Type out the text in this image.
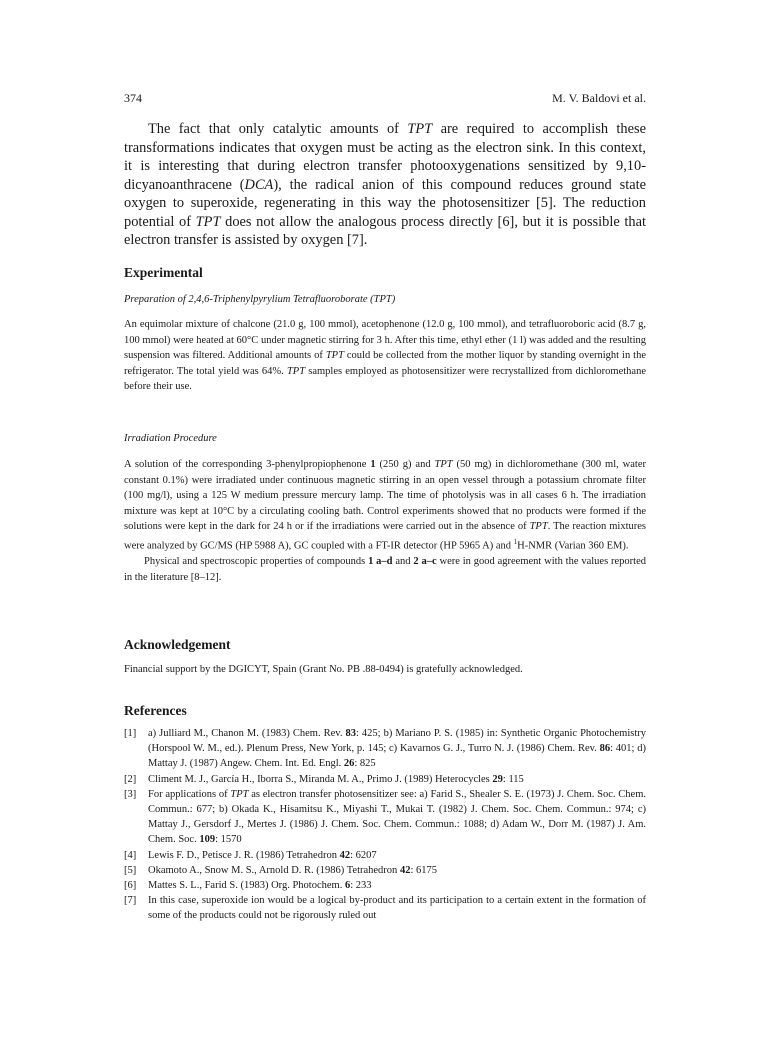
374	M. V. Baldovi et al.

The fact that only catalytic amounts of TPT are required to accomplish these transformations indicates that oxygen must be acting as the electron sink. In this context, it is interesting that during electron transfer photooxygenations sensitized by 9,10-dicyanoanthracene (DCA), the radical anion of this compound reduces ground state oxygen to superoxide, regenerating in this way the photosensitizer [5]. The reduction potential of TPT does not allow the analogous process directly [6], but it is possible that electron transfer is assisted by oxygen [7].

Experimental
Preparation of 2,4,6-Triphenylpyrylium Tetrafluoroborate (TPT)

An equimolar mixture of chalcone (21.0 g, 100 mmol), acetophenone (12.0 g, 100 mmol), and tetrafluoroboric acid (8.7 g, 100 mmol) were heated at 60°C under magnetic stirring for 3 h. After this time, ethyl ether (1 l) was added and the resulting suspension was filtered. Additional amounts of TPT could be collected from the mother liquor by standing overnight in the refrigerator. The total yield was 64%. TPT samples employed as photosensitizer were recrystallized from dichloromethane before their use.

Irradiation Procedure

A solution of the corresponding 3-phenylpropiophenone 1 (250 g) and TPT (50 mg) in dichloromethane (300 ml, water constant 0.1%) were irradiated under continuous magnetic stirring in an open vessel through a potassium chromate filter (100 mg/l), using a 125 W medium pressure mercury lamp. The time of photolysis was in all cases 6 h. The irradiation mixture was kept at 10°C by a circulating cooling bath. Control experiments showed that no products were formed if the solutions were kept in the dark for 24 h or if the irradiations were carried out in the absence of TPT. The reaction mixtures were analyzed by GC/MS (HP 5988 A), GC coupled with a FT-IR detector (HP 5965 A) and $^1$H-NMR (Varian 360 EM).

Physical and spectroscopic properties of compounds 1 a–d and 2 a–c were in good agreement with the values reported in the literature [8–12].

Acknowledgement
Financial support by the DGICYT, Spain (Grant No. PB .88-0494) is gratefully acknowledged.
References
[1]	a) Julliard M., Chanon M. (1983) Chem. Rev. 83: 425; b) Mariano P. S. (1985) in: Synthetic Organic Photochemistry (Horspool W. M., ed.). Plenum Press, New York, p. 145; c) Kavarnos G. J., Turro N. J. (1986) Chem. Rev. 86: 401; d) Mattay J. (1987) Angew. Chem. Int. Ed. Engl. 26: 825
[2]	Climent M. J., García H., Iborra S., Miranda M. A., Primo J. (1989) Heterocycles 29: 115
[3]	For applications of TPT as electron transfer photosensitizer see: a) Farid S., Shealer S. E. (1973) J. Chem. Soc. Chem. Commun.: 677; b) Okada K., Hisamitsu K., Miyashi T., Mukai T. (1982) J. Chem. Soc. Chem. Commun.: 974; c) Mattay J., Gersdorf J., Mertes J. (1986) J. Chem. Soc. Chem. Commun.: 1088; d) Adam W., Dorr M. (1987) J. Am. Chem. Soc. 109: 1570
[4]	Lewis F. D., Petisce J. R. (1986) Tetrahedron 42: 6207
[5]	Okamoto A., Snow M. S., Arnold D. R. (1986) Tetrahedron 42: 6175
[6]	Mattes S. L., Farid S. (1983) Org. Photochem. 6: 233
[7]	In this case, superoxide ion would be a logical by-product and its participation to a certain extent in the formation of some of the products could not be rigorously ruled out
